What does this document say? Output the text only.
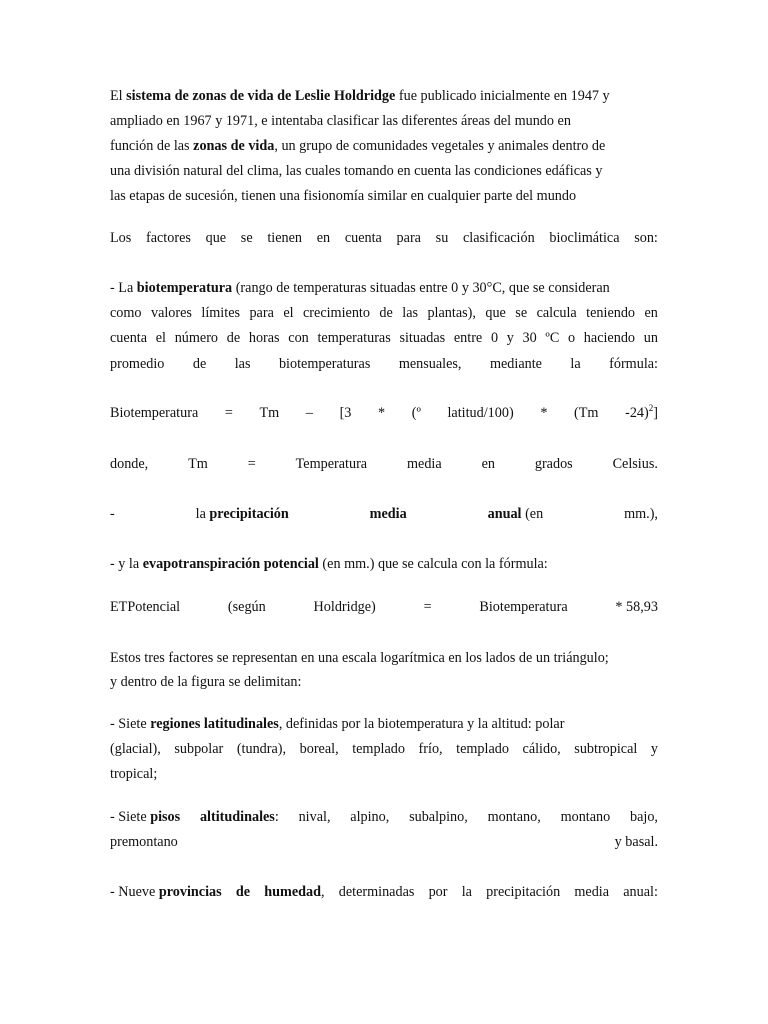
El sistema de zonas de vida de Leslie Holdridge fue publicado inicialmente en 1947 y
ampliado en 1967 y 1971, e intentaba clasificar las diferentes áreas del mundo en
función de las zonas de vida, un grupo de comunidades vegetales y animales dentro de
una división natural del clima, las cuales tomando en cuenta las condiciones edáficas y
las etapas de sucesión, tienen una fisionomía similar en cualquier parte del mundo
Los factores que se tienen en cuenta para su clasificación bioclimática son:
- La biotemperatura (rango de temperaturas situadas entre 0 y 30°C, que se consideran
como valores límites para el crecimiento de las plantas), que se calcula teniendo en
cuenta el número de horas con temperaturas situadas entre 0 y 30 ºC o haciendo un
promedio de las biotemperaturas mensuales, mediante la fórmula:
Biotemperatura = Tm – [3 * (º latitud/100) * (Tm -24)$^2$]
donde,	Tm	=	Temperatura	media	en	grados	Celsius.
-	la precipitación	media	anual (en	mm.),
- y la evapotranspiración potencial (en mm.) que se calcula con la fórmula:
ETPotencial	(según	Holdridge)	=	Biotemperatura	* 58,93
Estos tres factores se representan en una escala logarítmica en los lados de un triángulo;
y dentro de la figura se delimitan:
- Siete regiones latitudinales, definidas por la biotemperatura y la altitud: polar
(glacial), subpolar (tundra), boreal, templado frío, templado cálido, subtropical y
tropical;
- Siete pisos altitudinales: nival, alpino, subalpino, montano, montano bajo,
premontano	y basal.
- Nueve provincias de humedad, determinadas por la precipitación media anual:
